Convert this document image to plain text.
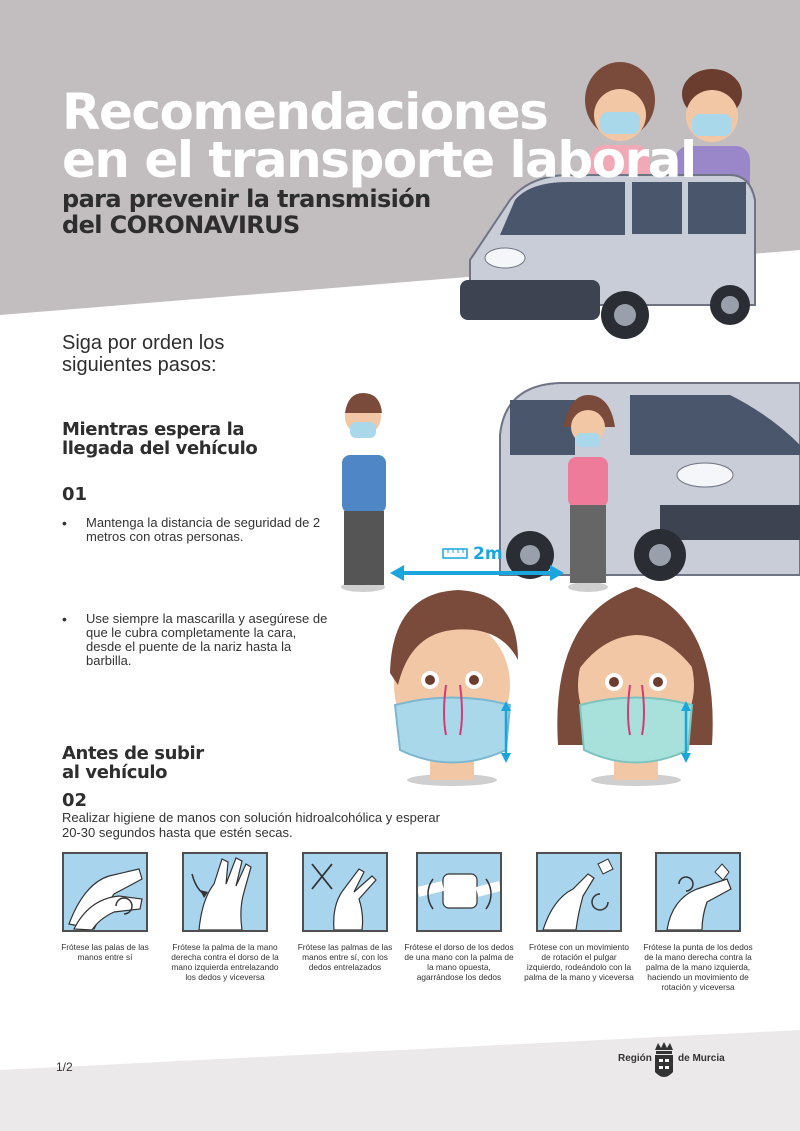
Recomendaciones
en el transporte laboral
para prevenir la transmisión
del CORONAVIRUS

Siga por orden los
siguientes pasos:

Mientras espera la
llegada del vehículo
01

• Mantenga la distancia de seguridad de 2 metros con otras personas.

• Use siempre la mascarilla y asegúrese de que le cubra completamente la cara, desde el puente de la nariz hasta la barbilla.

2m
Antes de subir
al vehículo
02

Realizar higiene de manos con solución hidroalcohólica y esperar 20-30 segundos hasta que estén secas.

Frótese las palas de las manos entre sí

Frótese la palma de la mano derecha contra el dorso de la mano izquierda entrelazando los dedos y viceversa

Frótese las palmas de las manos entre sí, con los dedos entrelazados

Frótese el dorso de los dedos de una mano con la palma de la mano opuesta, agarrándose los dedos

Frótese con un movimiento de rotación el pulgar izquierdo, rodeándolo con la palma de la mano y viceversa

Frótese la punta de los dedos de la mano derecha contra la palma de la mano izquierda, haciendo un movimiento de rotación y viceversa

1/2
Región	de Murcia
